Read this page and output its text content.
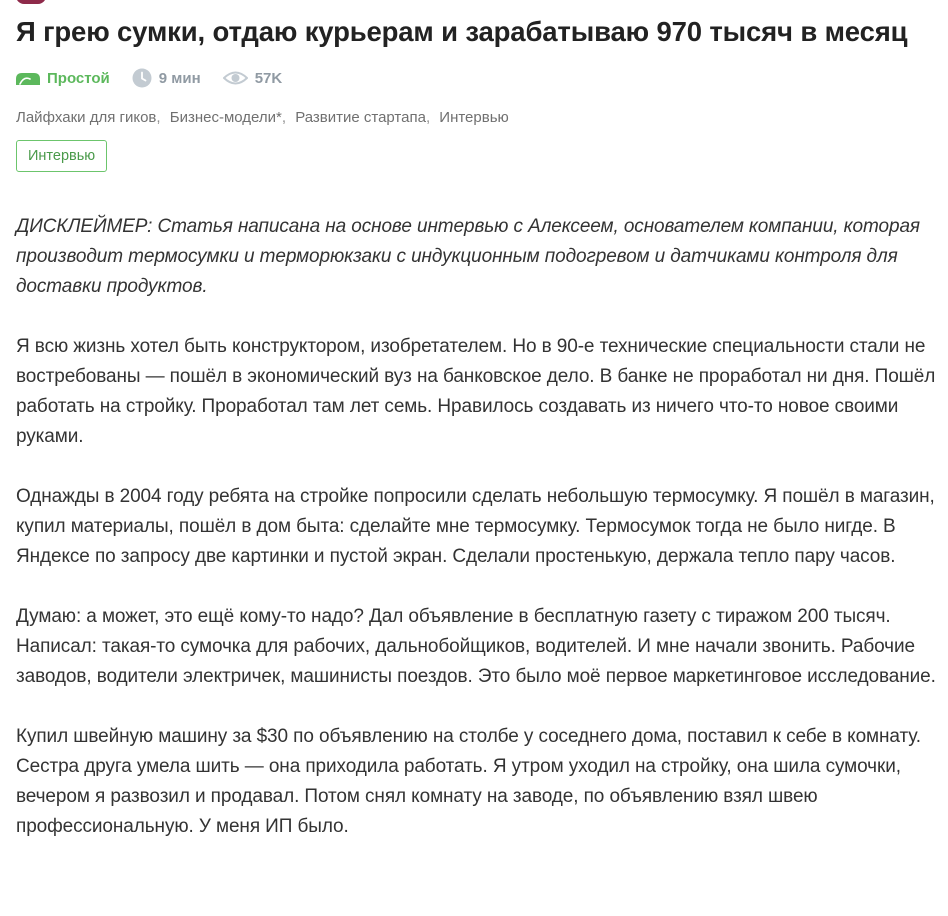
Я грею сумки, отдаю курьерам и зарабатываю 970 тысяч в месяц
Простой	9 мин	57K
Лайфхаки для гиков, Бизнес-модели*, Развитие стартапа, Интервью
Интервью

ДИСКЛЕЙМЕР: Статья написана на основе интервью с Алексеем, основателем компании, которая производит термосумки и терморюкзаки с индукционным подогревом и датчиками контроля для доставки продуктов.

Я всю жизнь хотел быть конструктором, изобретателем. Но в 90-е технические специальности стали не востребованы — пошёл в экономический вуз на банковское дело. В банке не проработал ни дня. Пошёл работать на стройку. Проработал там лет семь. Нравилось создавать из ничего что-то новое своими руками.

Однажды в 2004 году ребята на стройке попросили сделать небольшую термосумку. Я пошёл в магазин, купил материалы, пошёл в дом быта: сделайте мне термосумку. Термосумок тогда не было нигде. В Яндексе по запросу две картинки и пустой экран. Сделали простенькую, держала тепло пару часов.

Думаю: а может, это ещё кому-то надо? Дал объявление в бесплатную газету с тиражом 200 тысяч. Написал: такая-то сумочка для рабочих, дальнобойщиков, водителей. И мне начали звонить. Рабочие заводов, водители электричек, машинисты поездов. Это было моё первое маркетинговое исследование.

Купил швейную машину за $30 по объявлению на столбе у соседнего дома, поставил к себе в комнату. Сестра друга умела шить — она приходила работать. Я утром уходил на стройку, она шила сумочки, вечером я развозил и продавал. Потом снял комнату на заводе, по объявлению взял швею профессиональную. У меня ИП было.
